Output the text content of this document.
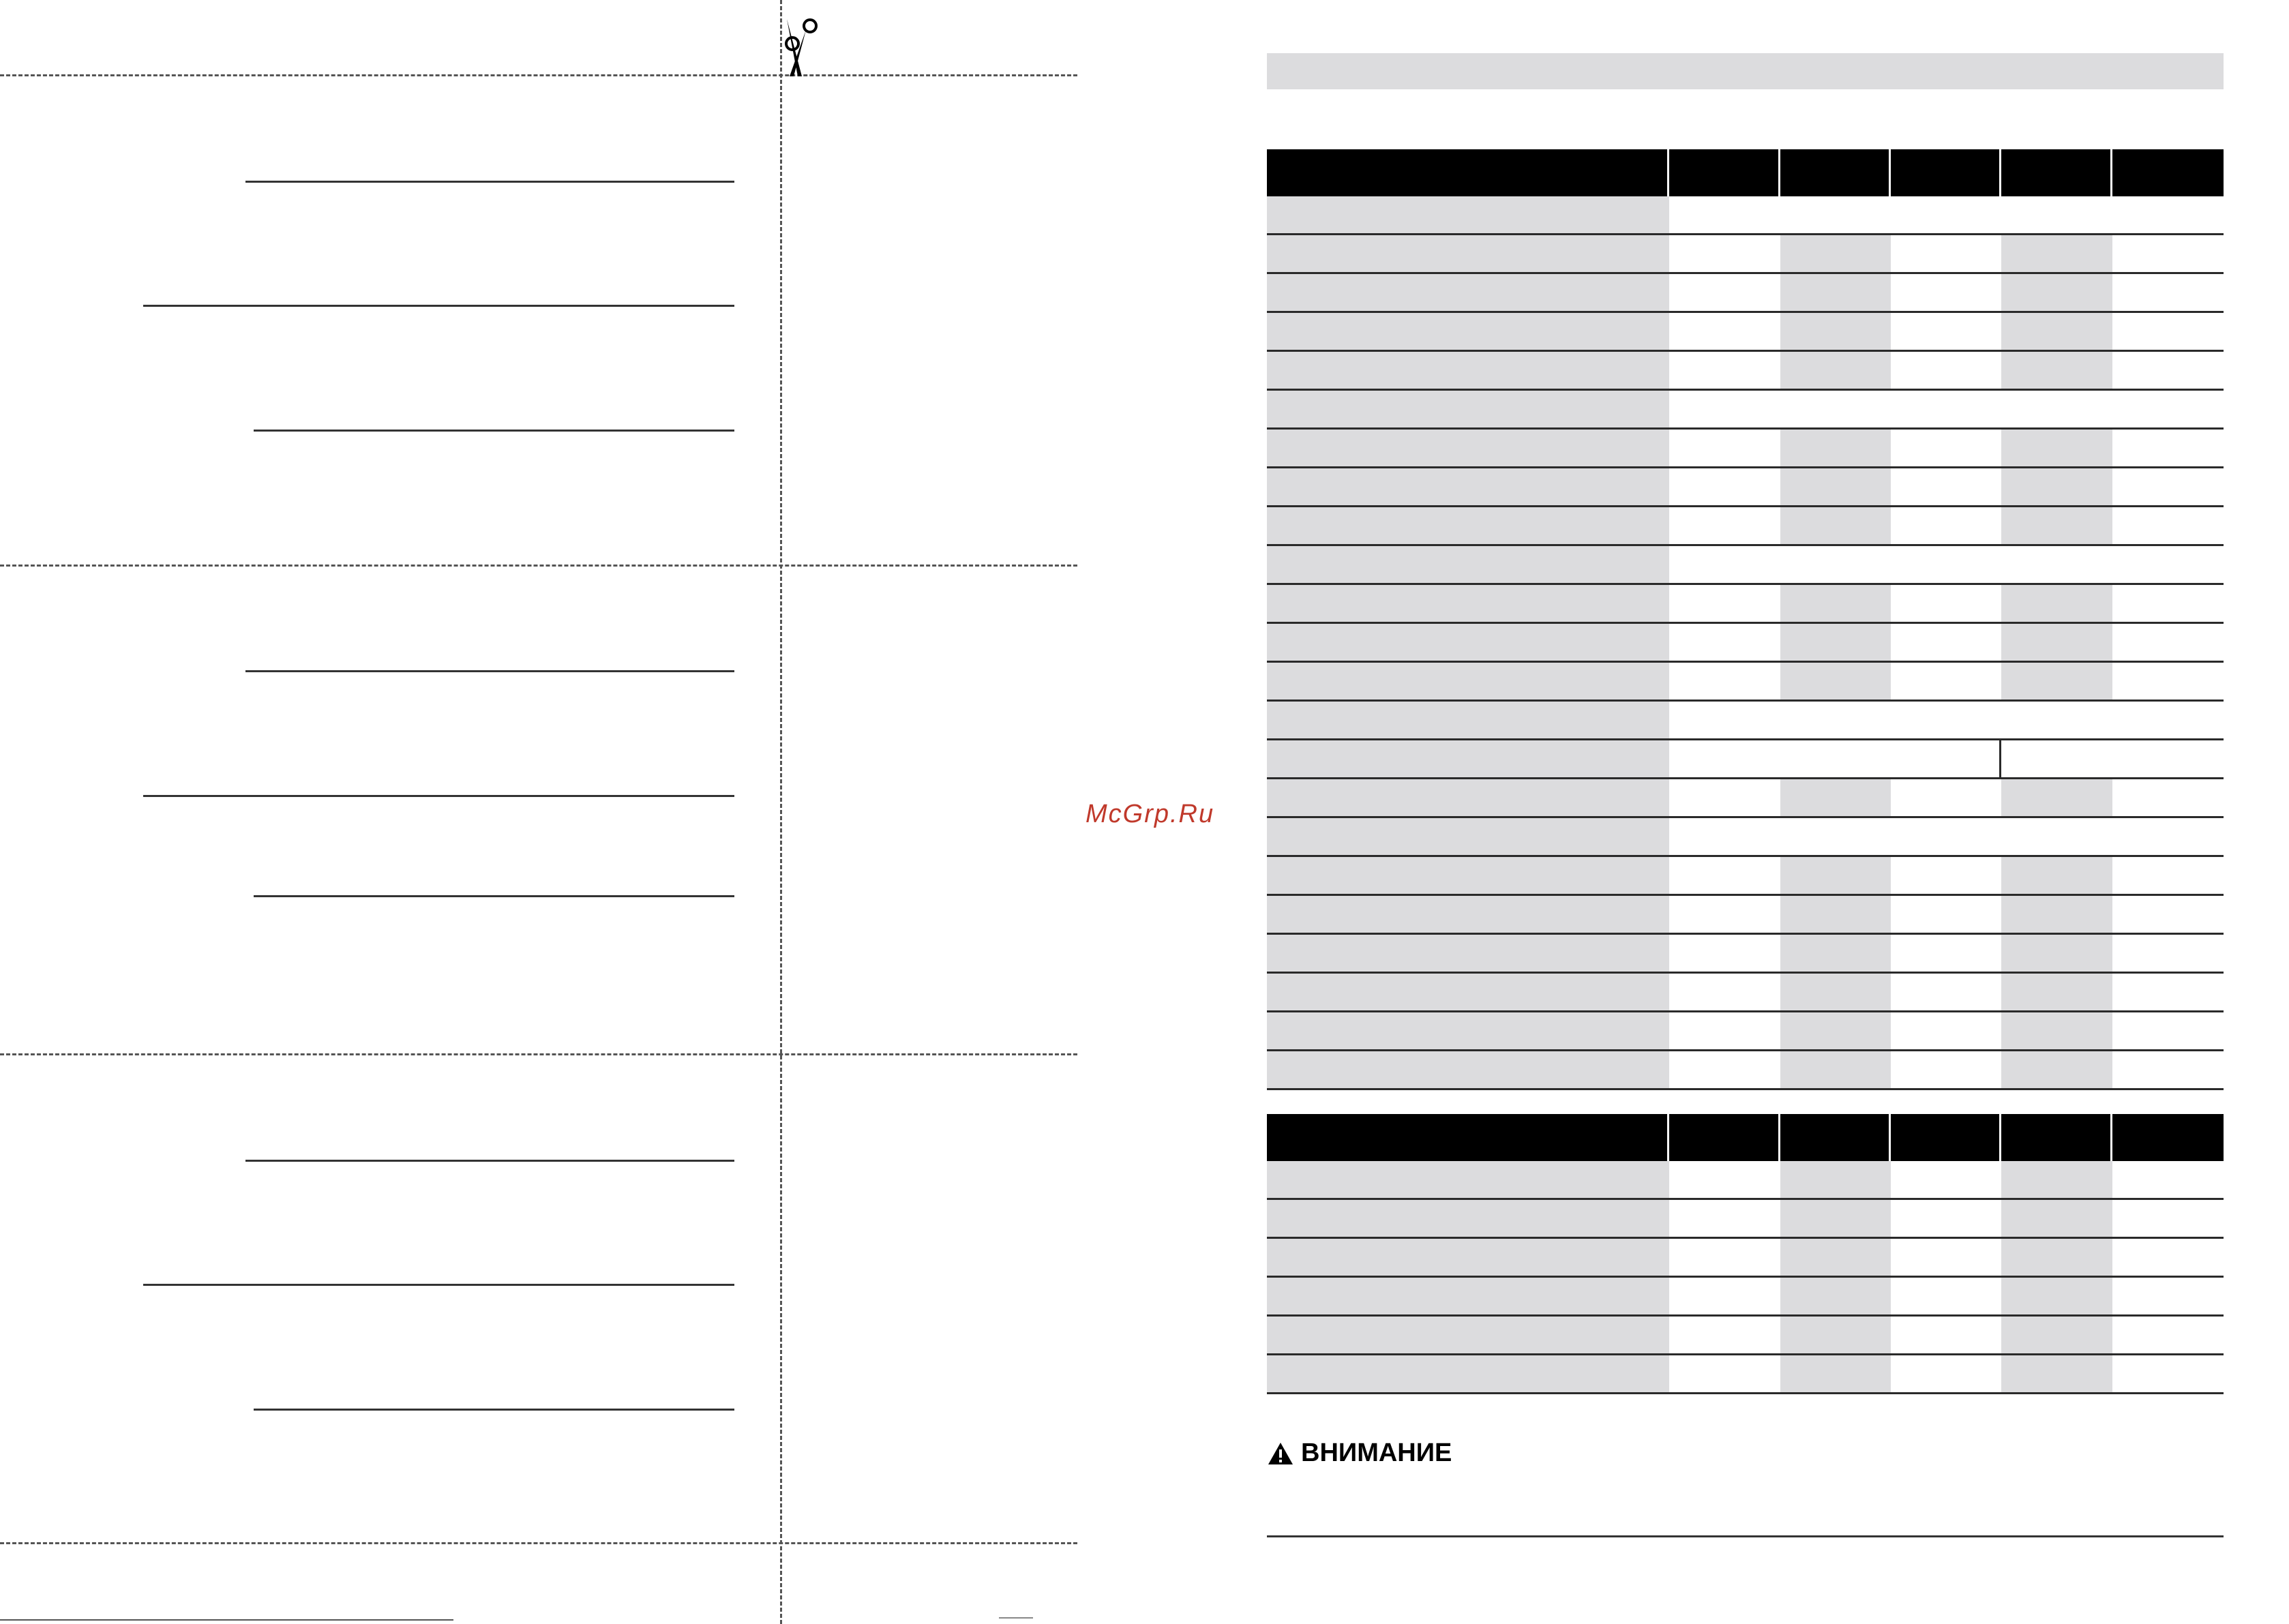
McGrp.Ru
ВНИМАНИЕ
